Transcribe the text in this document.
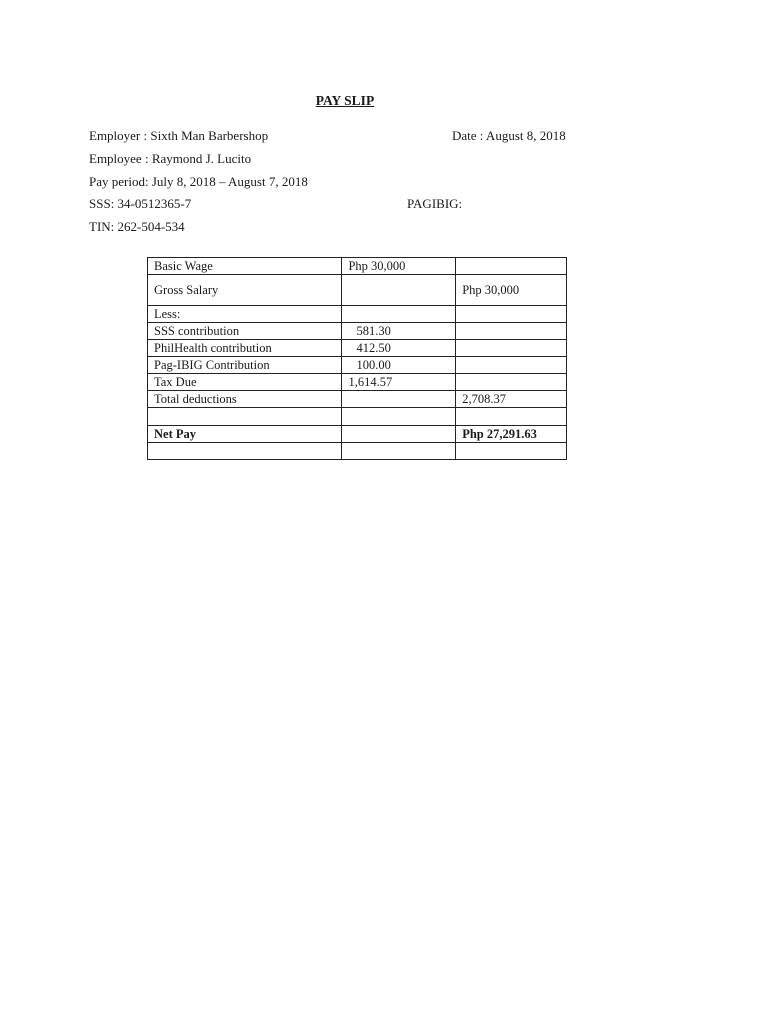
PAY SLIP
Employer : Sixth Man Barbershop	Date : August 8, 2018
Employee : Raymond J. Lucito
Pay period: July 8, 2018 – August 7, 2018
SSS: 34-0512365-7	PAGIBIG:
TIN: 262-504-534
Basic Wage	Php 30,000	
Gross Salary		Php 30,000
Less:		
SSS contribution	581.30	
PhilHealth contribution	412.50	
Pag-IBIG Contribution	100.00	
Tax Due	1,614.57	
Total deductions		2,708.37

Net Pay		Php 27,291.63
